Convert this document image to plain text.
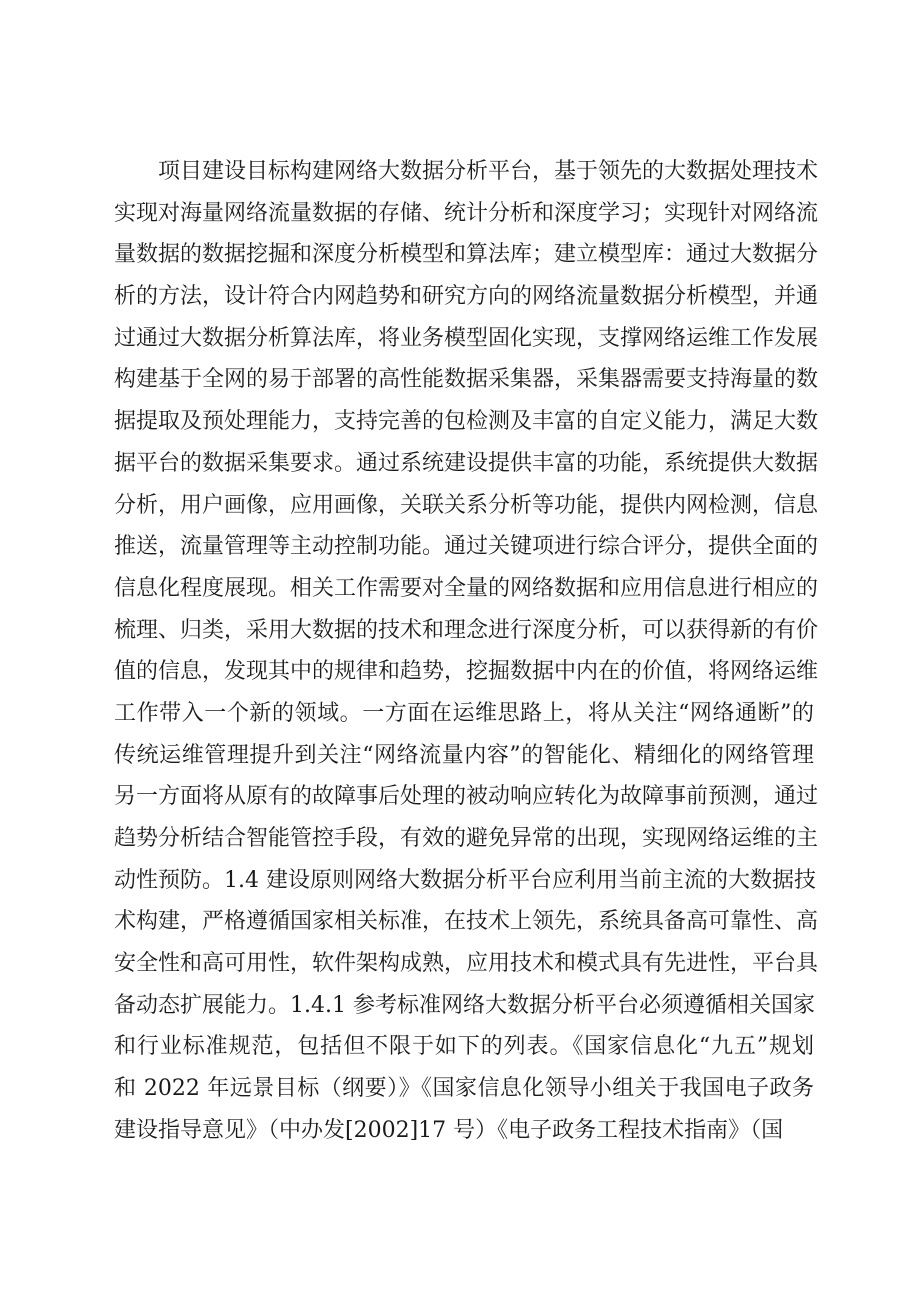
项目建设目标构建网络大数据分析平台，基于领先的大数据处理技术
实现对海量网络流量数据的存储、统计分析和深度学习；实现针对网络流
量数据的数据挖掘和深度分析模型和算法库；建立模型库：通过大数据分
析的方法，设计符合内网趋势和研究方向的网络流量数据分析模型，并通
过通过大数据分析算法库，将业务模型固化实现，支撑网络运维工作发展
构建基于全网的易于部署的高性能数据采集器，采集器需要支持海量的数
据提取及预处理能力，支持完善的包检测及丰富的自定义能力，满足大数
据平台的数据采集要求。通过系统建设提供丰富的功能，系统提供大数据
分析，用户画像，应用画像，关联关系分析等功能，提供内网检测，信息
推送，流量管理等主动控制功能。通过关键项进行综合评分，提供全面的
信息化程度展现。相关工作需要对全量的网络数据和应用信息进行相应的
梳理、归类，采用大数据的技术和理念进行深度分析，可以获得新的有价
值的信息，发现其中的规律和趋势，挖掘数据中内在的价值，将网络运维
工作带入一个新的领域。一方面在运维思路上，将从关注“网络通断”的
传统运维管理提升到关注“网络流量内容”的智能化、精细化的网络管理
另一方面将从原有的故障事后处理的被动响应转化为故障事前预测，通过
趋势分析结合智能管控手段，有效的避免异常的出现，实现网络运维的主
动性预防。1.4 建设原则网络大数据分析平台应利用当前主流的大数据技
术构建，严格遵循国家相关标准，在技术上领先，系统具备高可靠性、高
安全性和高可用性，软件架构成熟，应用技术和模式具有先进性，平台具
备动态扩展能力。1.4.1 参考标准网络大数据分析平台必须遵循相关国家
和行业标准规范，包括但不限于如下的列表。《国家信息化“九五”规划
和 2022 年远景目标（纲要）》《国家信息化领导小组关于我国电子政务
建设指导意见》（中办发[2002]17 号）《电子政务工程技术指南》（国
